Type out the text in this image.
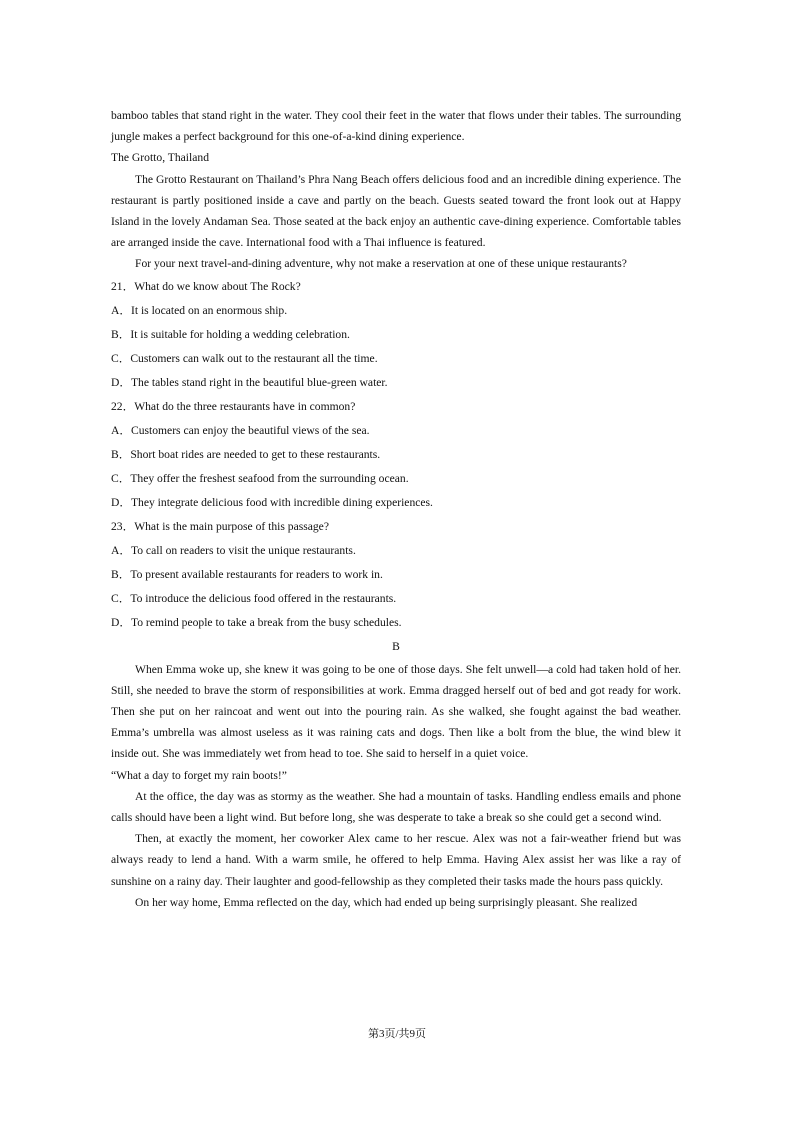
bamboo tables that stand right in the water. They cool their feet in the water that flows under their tables. The surrounding jungle makes a perfect background for this one-of-a-kind dining experience.

The Grotto, Thailand

The Grotto Restaurant on Thailand’s Phra Nang Beach offers delicious food and an incredible dining experience. The restaurant is partly positioned inside a cave and partly on the beach. Guests seated toward the front look out at Happy Island in the lovely Andaman Sea. Those seated at the back enjoy an authentic cave-dining experience. Comfortable tables are arranged inside the cave. International food with a Thai influence is featured.

For your next travel-and-dining adventure, why not make a reservation at one of these unique restaurants?

21．What do we know about The Rock?

A．It is located on an enormous ship.

B．It is suitable for holding a wedding celebration.

C．Customers can walk out to the restaurant all the time.

D．The tables stand right in the beautiful blue-green water.

22．What do the three restaurants have in common?

A．Customers can enjoy the beautiful views of the sea.

B．Short boat rides are needed to get to these restaurants.

C．They offer the freshest seafood from the surrounding ocean.

D．They integrate delicious food with incredible dining experiences.

23．What is the main purpose of this passage?

A．To call on readers to visit the unique restaurants.

B．To present available restaurants for readers to work in.

C．To introduce the delicious food offered in the restaurants.

D．To remind people to take a break from the busy schedules.

B

When Emma woke up, she knew it was going to be one of those days. She felt unwell—a cold had taken hold of her. Still, she needed to brave the storm of responsibilities at work. Emma dragged herself out of bed and got ready for work. Then she put on her raincoat and went out into the pouring rain. As she walked, she fought against the bad weather. Emma’s umbrella was almost useless as it was raining cats and dogs. Then like a bolt from the blue, the wind blew it inside out. She was immediately wet from head to toe. She said to herself in a quiet voice.

“What a day to forget my rain boots!”

At the office, the day was as stormy as the weather. She had a mountain of tasks. Handling endless emails and phone calls should have been a light wind. But before long, she was desperate to take a break so she could get a second wind.

Then, at exactly the moment, her coworker Alex came to her rescue. Alex was not a fair-weather friend but was always ready to lend a hand. With a warm smile, he offered to help Emma. Having Alex assist her was like a ray of sunshine on a rainy day. Their laughter and good-fellowship as they completed their tasks made the hours pass quickly.

On her way home, Emma reflected on the day, which had ended up being surprisingly pleasant. She realized

第3页/共9页
